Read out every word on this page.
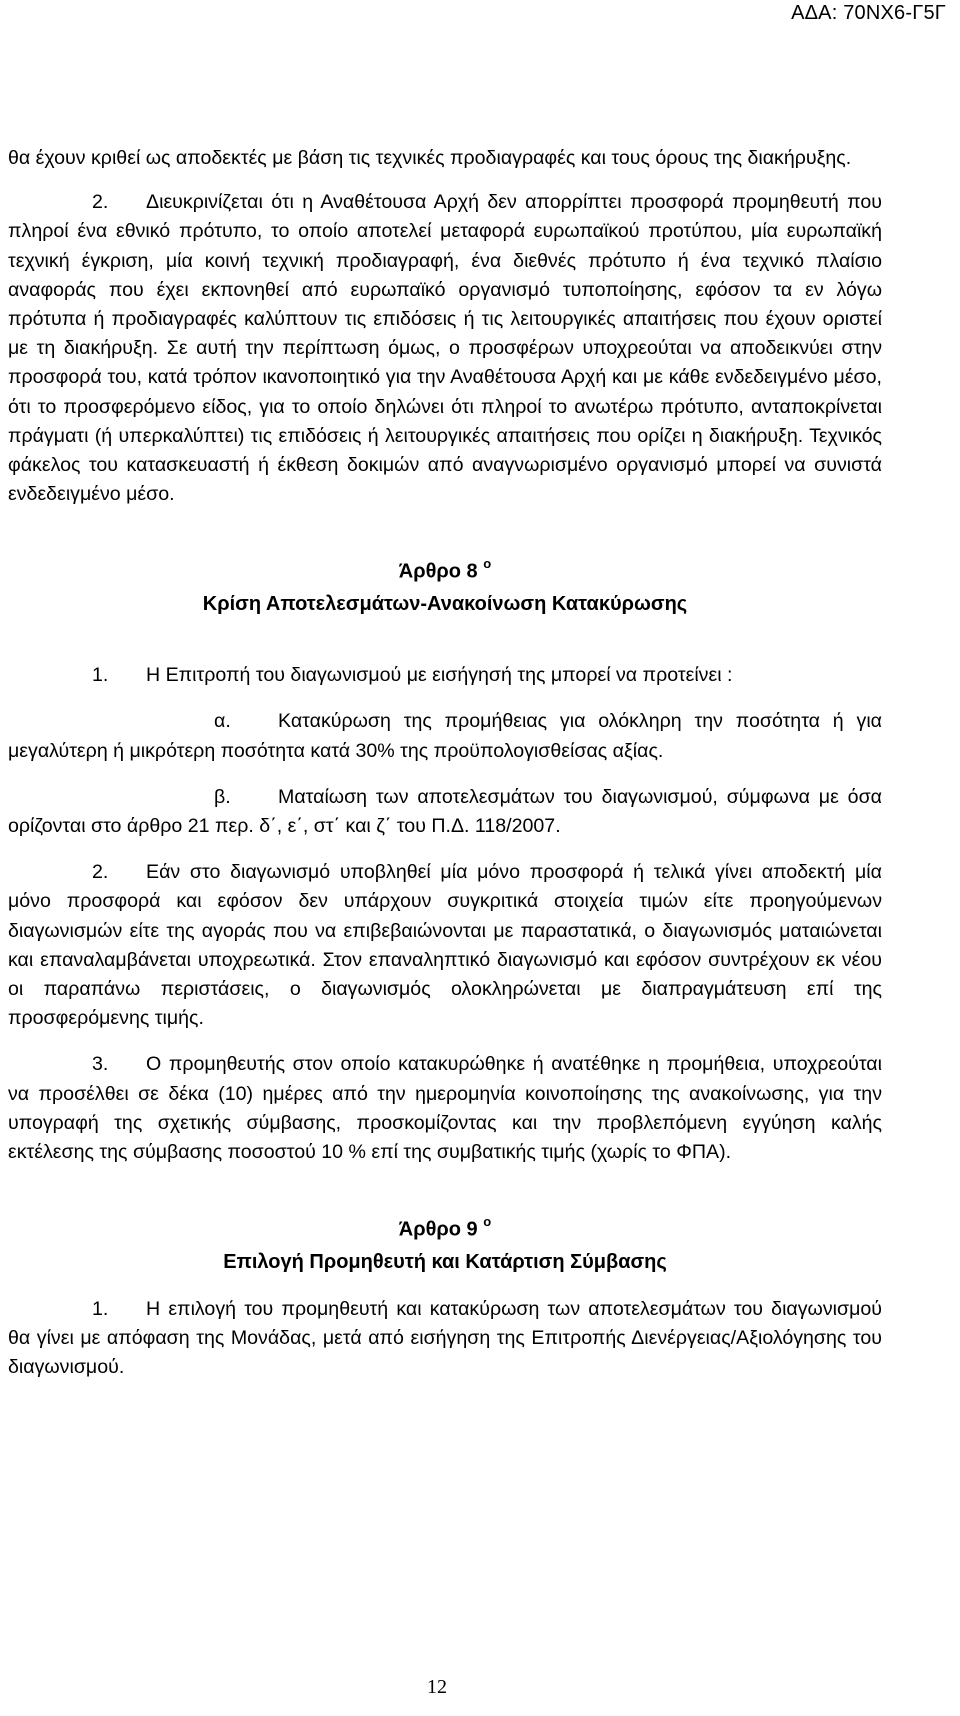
ΑΔΑ: 70ΝΧ6-Γ5Γ

θα έχουν κριθεί ως αποδεκτές με βάση τις τεχνικές προδιαγραφές και τους όρους της διακήρυξης.

2. Διευκρινίζεται ότι η Αναθέτουσα Αρχή δεν απορρίπτει προσφορά προμηθευτή που πληροί ένα εθνικό πρότυπο, το οποίο αποτελεί μεταφορά ευρωπαϊκού προτύπου, μία ευρωπαϊκή τεχνική έγκριση, μία κοινή τεχνική προδιαγραφή, ένα διεθνές πρότυπο ή ένα τεχνικό πλαίσιο αναφοράς που έχει εκπονηθεί από ευρωπαϊκό οργανισμό τυποποίησης, εφόσον τα εν λόγω πρότυπα ή προδιαγραφές καλύπτουν τις επιδόσεις ή τις λειτουργικές απαιτήσεις που έχουν οριστεί με τη διακήρυξη. Σε αυτή την περίπτωση όμως, ο προσφέρων υποχρεούται να αποδεικνύει στην προσφορά του, κατά τρόπον ικανοποιητικό για την Αναθέτουσα Αρχή και με κάθε ενδεδειγμένο μέσο, ότι το προσφερόμενο είδος, για το οποίο δηλώνει ότι πληροί το ανωτέρω πρότυπο, ανταποκρίνεται πράγματι (ή υπερκαλύπτει) τις επιδόσεις ή λειτουργικές απαιτήσεις που ορίζει η διακήρυξη. Τεχνικός φάκελος του κατασκευαστή ή έκθεση δοκιμών από αναγνωρισμένο οργανισμό μπορεί να συνιστά ενδεδειγμένο μέσο.

Άρθρο 8 $^o$

Κρίση Αποτελεσμάτων-Ανακοίνωση Κατακύρωσης

1. Η Επιτροπή του διαγωνισμού με εισήγησή της μπορεί να προτείνει :

α. Κατακύρωση της προμήθειας για ολόκληρη την ποσότητα ή για μεγαλύτερη ή μικρότερη ποσότητα κατά 30% της προϋπολογισθείσας αξίας.

β. Ματαίωση των αποτελεσμάτων του διαγωνισμού, σύμφωνα με όσα ορίζονται στο άρθρο 21 περ. δ΄, ε΄, στ΄ και ζ΄ του Π.Δ. 118/2007.

2. Εάν στο διαγωνισμό υποβληθεί μία μόνο προσφορά ή τελικά γίνει αποδεκτή μία μόνο προσφορά και εφόσον δεν υπάρχουν συγκριτικά στοιχεία τιμών είτε προηγούμενων διαγωνισμών είτε της αγοράς που να επιβεβαιώνονται με παραστατικά, ο διαγωνισμός ματαιώνεται και επαναλαμβάνεται υποχρεωτικά. Στον επαναληπτικό διαγωνισμό και εφόσον συντρέχουν εκ νέου οι παραπάνω περιστάσεις, ο διαγωνισμός ολοκληρώνεται με διαπραγμάτευση επί της προσφερόμενης τιμής.

3. Ο προμηθευτής στον οποίο κατακυρώθηκε ή ανατέθηκε η προμήθεια, υποχρεούται να προσέλθει σε δέκα (10) ημέρες από την ημερομηνία κοινοποίησης της ανακοίνωσης, για την υπογραφή της σχετικής σύμβασης, προσκομίζοντας και την προβλεπόμενη εγγύηση καλής εκτέλεσης της σύμβασης ποσοστού 10 % επί της συμβατικής τιμής (χωρίς το ΦΠΑ).

Άρθρο 9 $^o$

Επιλογή Προμηθευτή και Κατάρτιση Σύμβασης

1. Η επιλογή του προμηθευτή και κατακύρωση των αποτελεσμάτων του διαγωνισμού θα γίνει με απόφαση της Μονάδας, μετά από εισήγηση της Επιτροπής Διενέργειας/Αξιολόγησης του διαγωνισμού.

12
